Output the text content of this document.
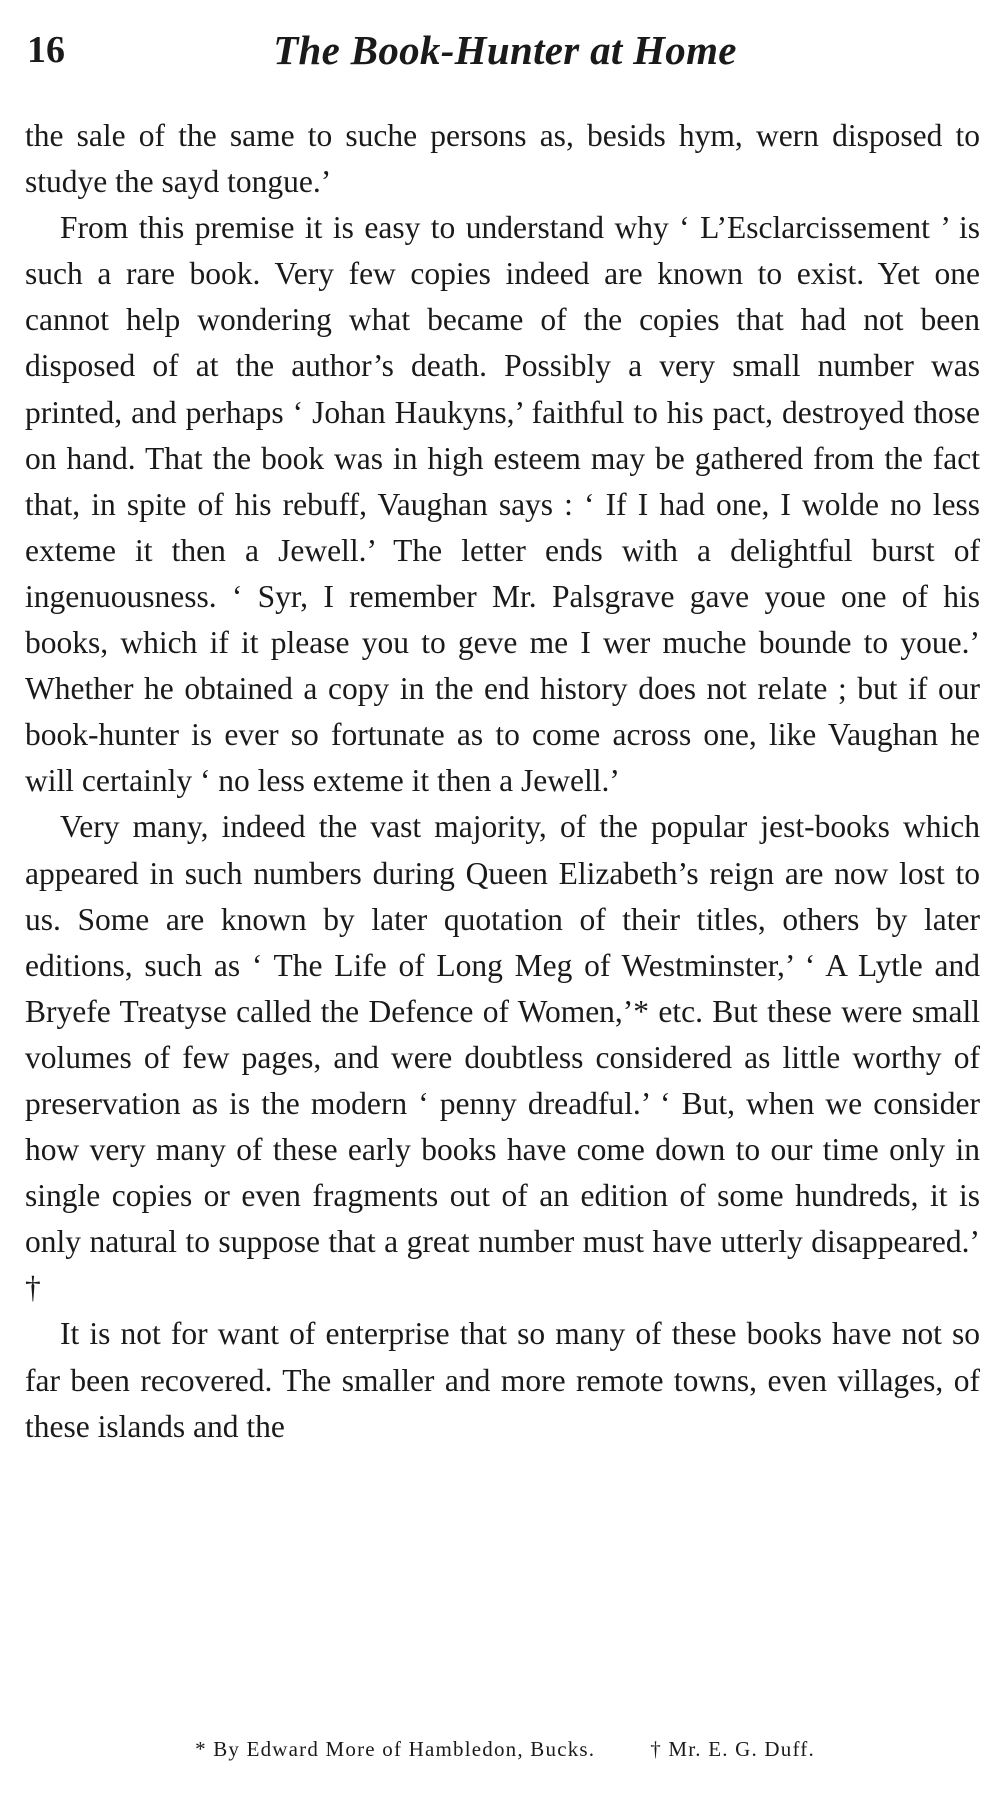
16	The Book-Hunter at Home

the sale of the same to suche persons as, besids hym, wern disposed to studye the sayd tongue.’

From this premise it is easy to understand why ‘ L’Esclarcissement ’ is such a rare book. Very few copies indeed are known to exist. Yet one cannot help wondering what became of the copies that had not been disposed of at the author’s death. Possibly a very small number was printed, and perhaps ‘ Johan Haukyns,’ faithful to his pact, destroyed those on hand. That the book was in high esteem may be gathered from the fact that, in spite of his rebuff, Vaughan says : ‘ If I had one, I wolde no less exteme it then a Jewell.’ The letter ends with a delightful burst of ingenuousness. ‘ Syr, I remember Mr. Palsgrave gave youe one of his books, which if it please you to geve me I wer muche bounde to youe.’ Whether he obtained a copy in the end history does not relate ; but if our book-hunter is ever so fortunate as to come across one, like Vaughan he will certainly ‘ no less exteme it then a Jewell.’

Very many, indeed the vast majority, of the popular jest-books which appeared in such numbers during Queen Elizabeth’s reign are now lost to us. Some are known by later quotation of their titles, others by later editions, such as ‘ The Life of Long Meg of Westminster,’ ‘ A Lytle and Bryefe Treatyse called the Defence of Women,’* etc. But these were small volumes of few pages, and were doubtless considered as little worthy of preservation as is the modern ‘ penny dreadful.’ ‘ But, when we consider how very many of these early books have come down to our time only in single copies or even fragments out of an edition of some hundreds, it is only natural to suppose that a great number must have utterly disappeared.’ †

It is not for want of enterprise that so many of these books have not so far been recovered. The smaller and more remote towns, even villages, of these islands and the

* By Edward More of Hambledon, Bucks.	† Mr. E. G. Duff.
